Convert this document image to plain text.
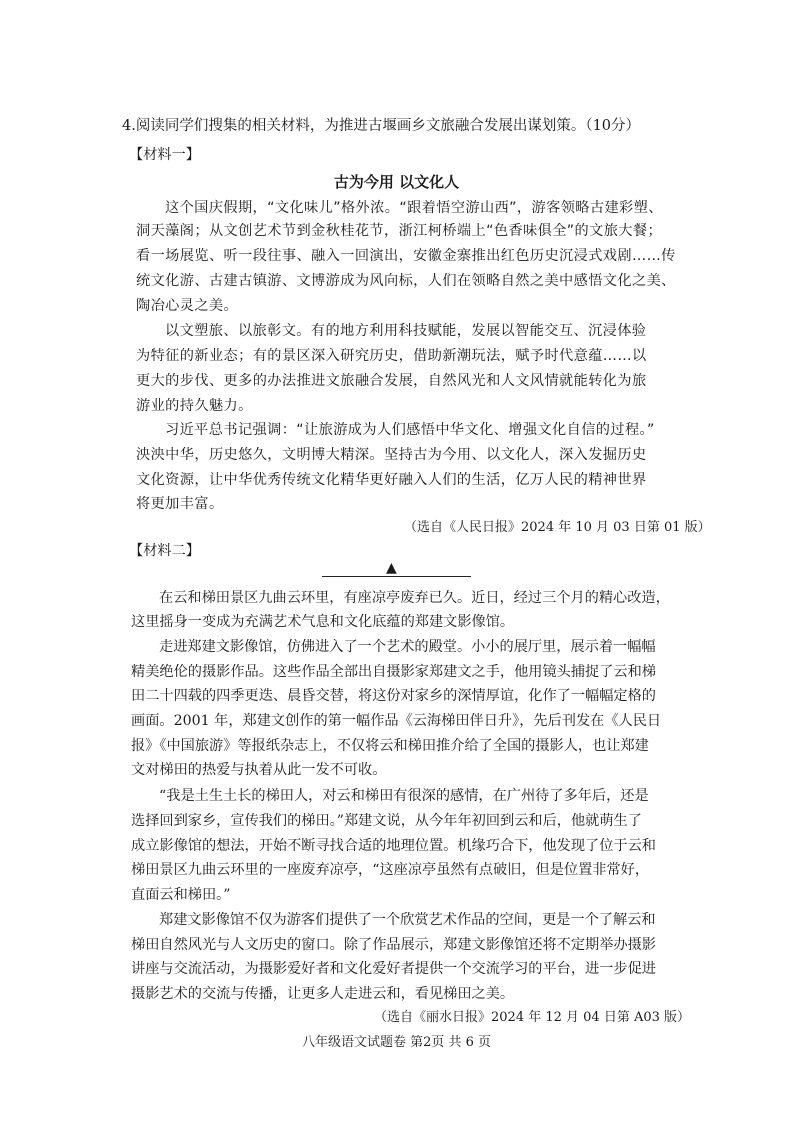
4.阅读同学们搜集的相关材料，为推进古堰画乡文旅融合发展出谋划策。（10分）
【材料一】
古为今用 以文化人
这个国庆假期，“文化味儿”格外浓。“跟着悟空游山西”，游客领略古建彩塑、
洞天藻阁；从文创艺术节到金秋桂花节，浙江柯桥端上“色香味俱全”的文旅大餐；
看一场展览、听一段往事、融入一回演出，安徽金寨推出红色历史沉浸式戏剧……传
统文化游、古建古镇游、文博游成为风向标，人们在领略自然之美中感悟文化之美、
陶冶心灵之美。
以文塑旅、以旅彰文。有的地方利用科技赋能，发展以智能交互、沉浸体验
为特征的新业态；有的景区深入研究历史，借助新潮玩法，赋予时代意蕴……以
更大的步伐、更多的办法推进文旅融合发展，自然风光和人文风情就能转化为旅
游业的持久魅力。
习近平总书记强调：“让旅游成为人们感悟中华文化、增强文化自信的过程。”
泱泱中华，历史悠久，文明博大精深。坚持古为今用、以文化人，深入发掘历史
文化资源，让中华优秀传统文化精华更好融入人们的生活，亿万人民的精神世界
将更加丰富。
（选自《人民日报》2024 年 10 月 03 日第 01 版）
【材料二】
▲
在云和梯田景区九曲云环里，有座凉亭废弃已久。近日，经过三个月的精心改造，
这里摇身一变成为充满艺术气息和文化底蕴的郑建文影像馆。
走进郑建文影像馆，仿佛进入了一个艺术的殿堂。小小的展厅里，展示着一幅幅
精美绝伦的摄影作品。这些作品全部出自摄影家郑建文之手，他用镜头捕捉了云和梯
田二十四载的四季更迭、晨昏交替，将这份对家乡的深情厚谊，化作了一幅幅定格的
画面。2001 年，郑建文创作的第一幅作品《云海梯田伴日升》，先后刊发在《人民日
报》《中国旅游》等报纸杂志上，不仅将云和梯田推介给了全国的摄影人，也让郑建
文对梯田的热爱与执着从此一发不可收。
“我是土生土长的梯田人，对云和梯田有很深的感情，在广州待了多年后，还是
选择回到家乡，宣传我们的梯田。”郑建文说，从今年年初回到云和后，他就萌生了
成立影像馆的想法，开始不断寻找合适的地理位置。机缘巧合下，他发现了位于云和
梯田景区九曲云环里的一座废弃凉亭，“这座凉亭虽然有点破旧，但是位置非常好，
直面云和梯田。”
郑建文影像馆不仅为游客们提供了一个欣赏艺术作品的空间，更是一个了解云和
梯田自然风光与人文历史的窗口。除了作品展示，郑建文影像馆还将不定期举办摄影
讲座与交流活动，为摄影爱好者和文化爱好者提供一个交流学习的平台，进一步促进
摄影艺术的交流与传播，让更多人走进云和，看见梯田之美。
（选自《丽水日报》2024 年 12 月 04 日第 A03 版）
八年级语文试题卷 第2页 共 6 页
